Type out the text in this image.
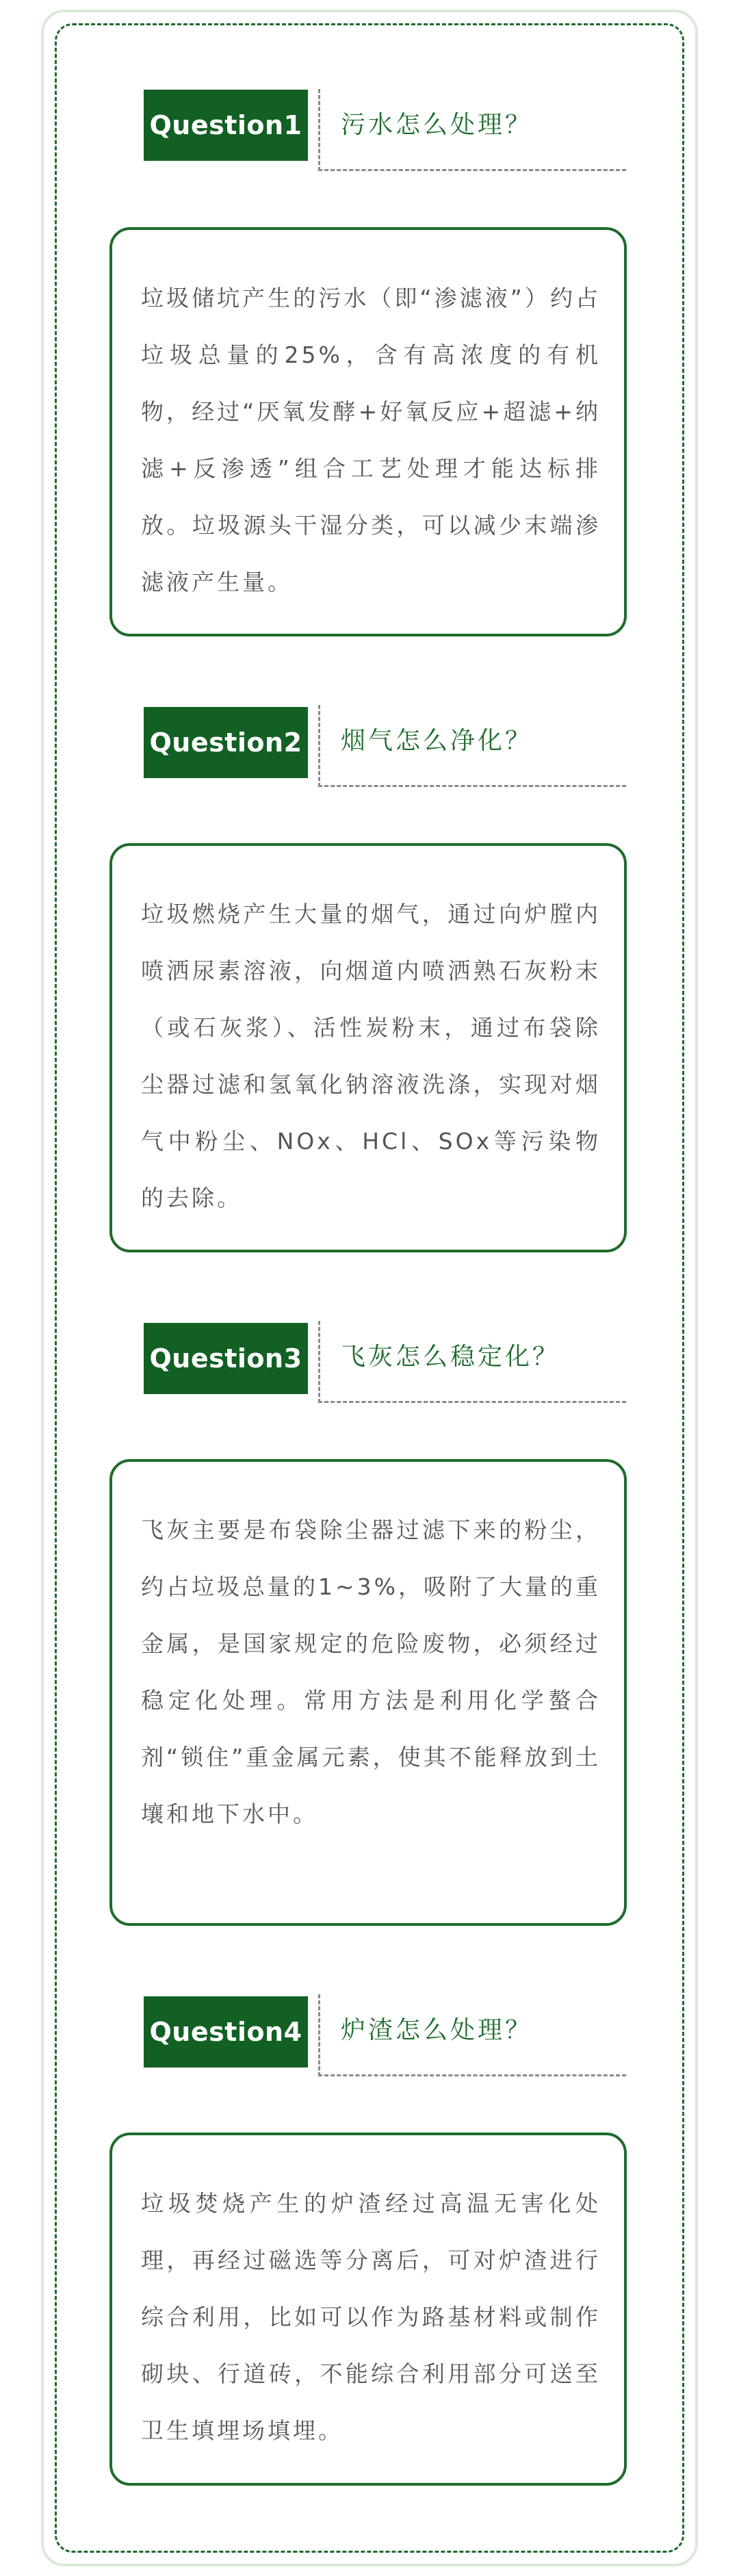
Question1 污水怎么处理？
垃圾储坑产生的污水（即“渗滤液”）约占垃圾总量的25%，含有高浓度的有机物，经过“厌氧发酵+好氧反应+超滤+纳滤+反渗透”组合工艺处理才能达标排放。垃圾源头干湿分类，可以减少末端渗滤液产生量。
Question2 烟气怎么净化？
垃圾燃烧产生大量的烟气，通过向炉膛内喷洒尿素溶液，向烟道内喷洒熟石灰粉末（或石灰浆）、活性炭粉末，通过布袋除尘器过滤和氢氧化钠溶液洗涤，实现对烟气中粉尘、NOx、HCl、SOx等污染物的去除。
Question3 飞灰怎么稳定化？
飞灰主要是布袋除尘器过滤下来的粉尘，约占垃圾总量的1~3%，吸附了大量的重金属，是国家规定的危险废物，必须经过稳定化处理。常用方法是利用化学螯合剂“锁住”重金属元素，使其不能释放到土壤和地下水中。
Question4 炉渣怎么处理？
垃圾焚烧产生的炉渣经过高温无害化处理，再经过磁选等分离后，可对炉渣进行综合利用，比如可以作为路基材料或制作砌块、行道砖，不能综合利用部分可送至卫生填埋场填埋。
